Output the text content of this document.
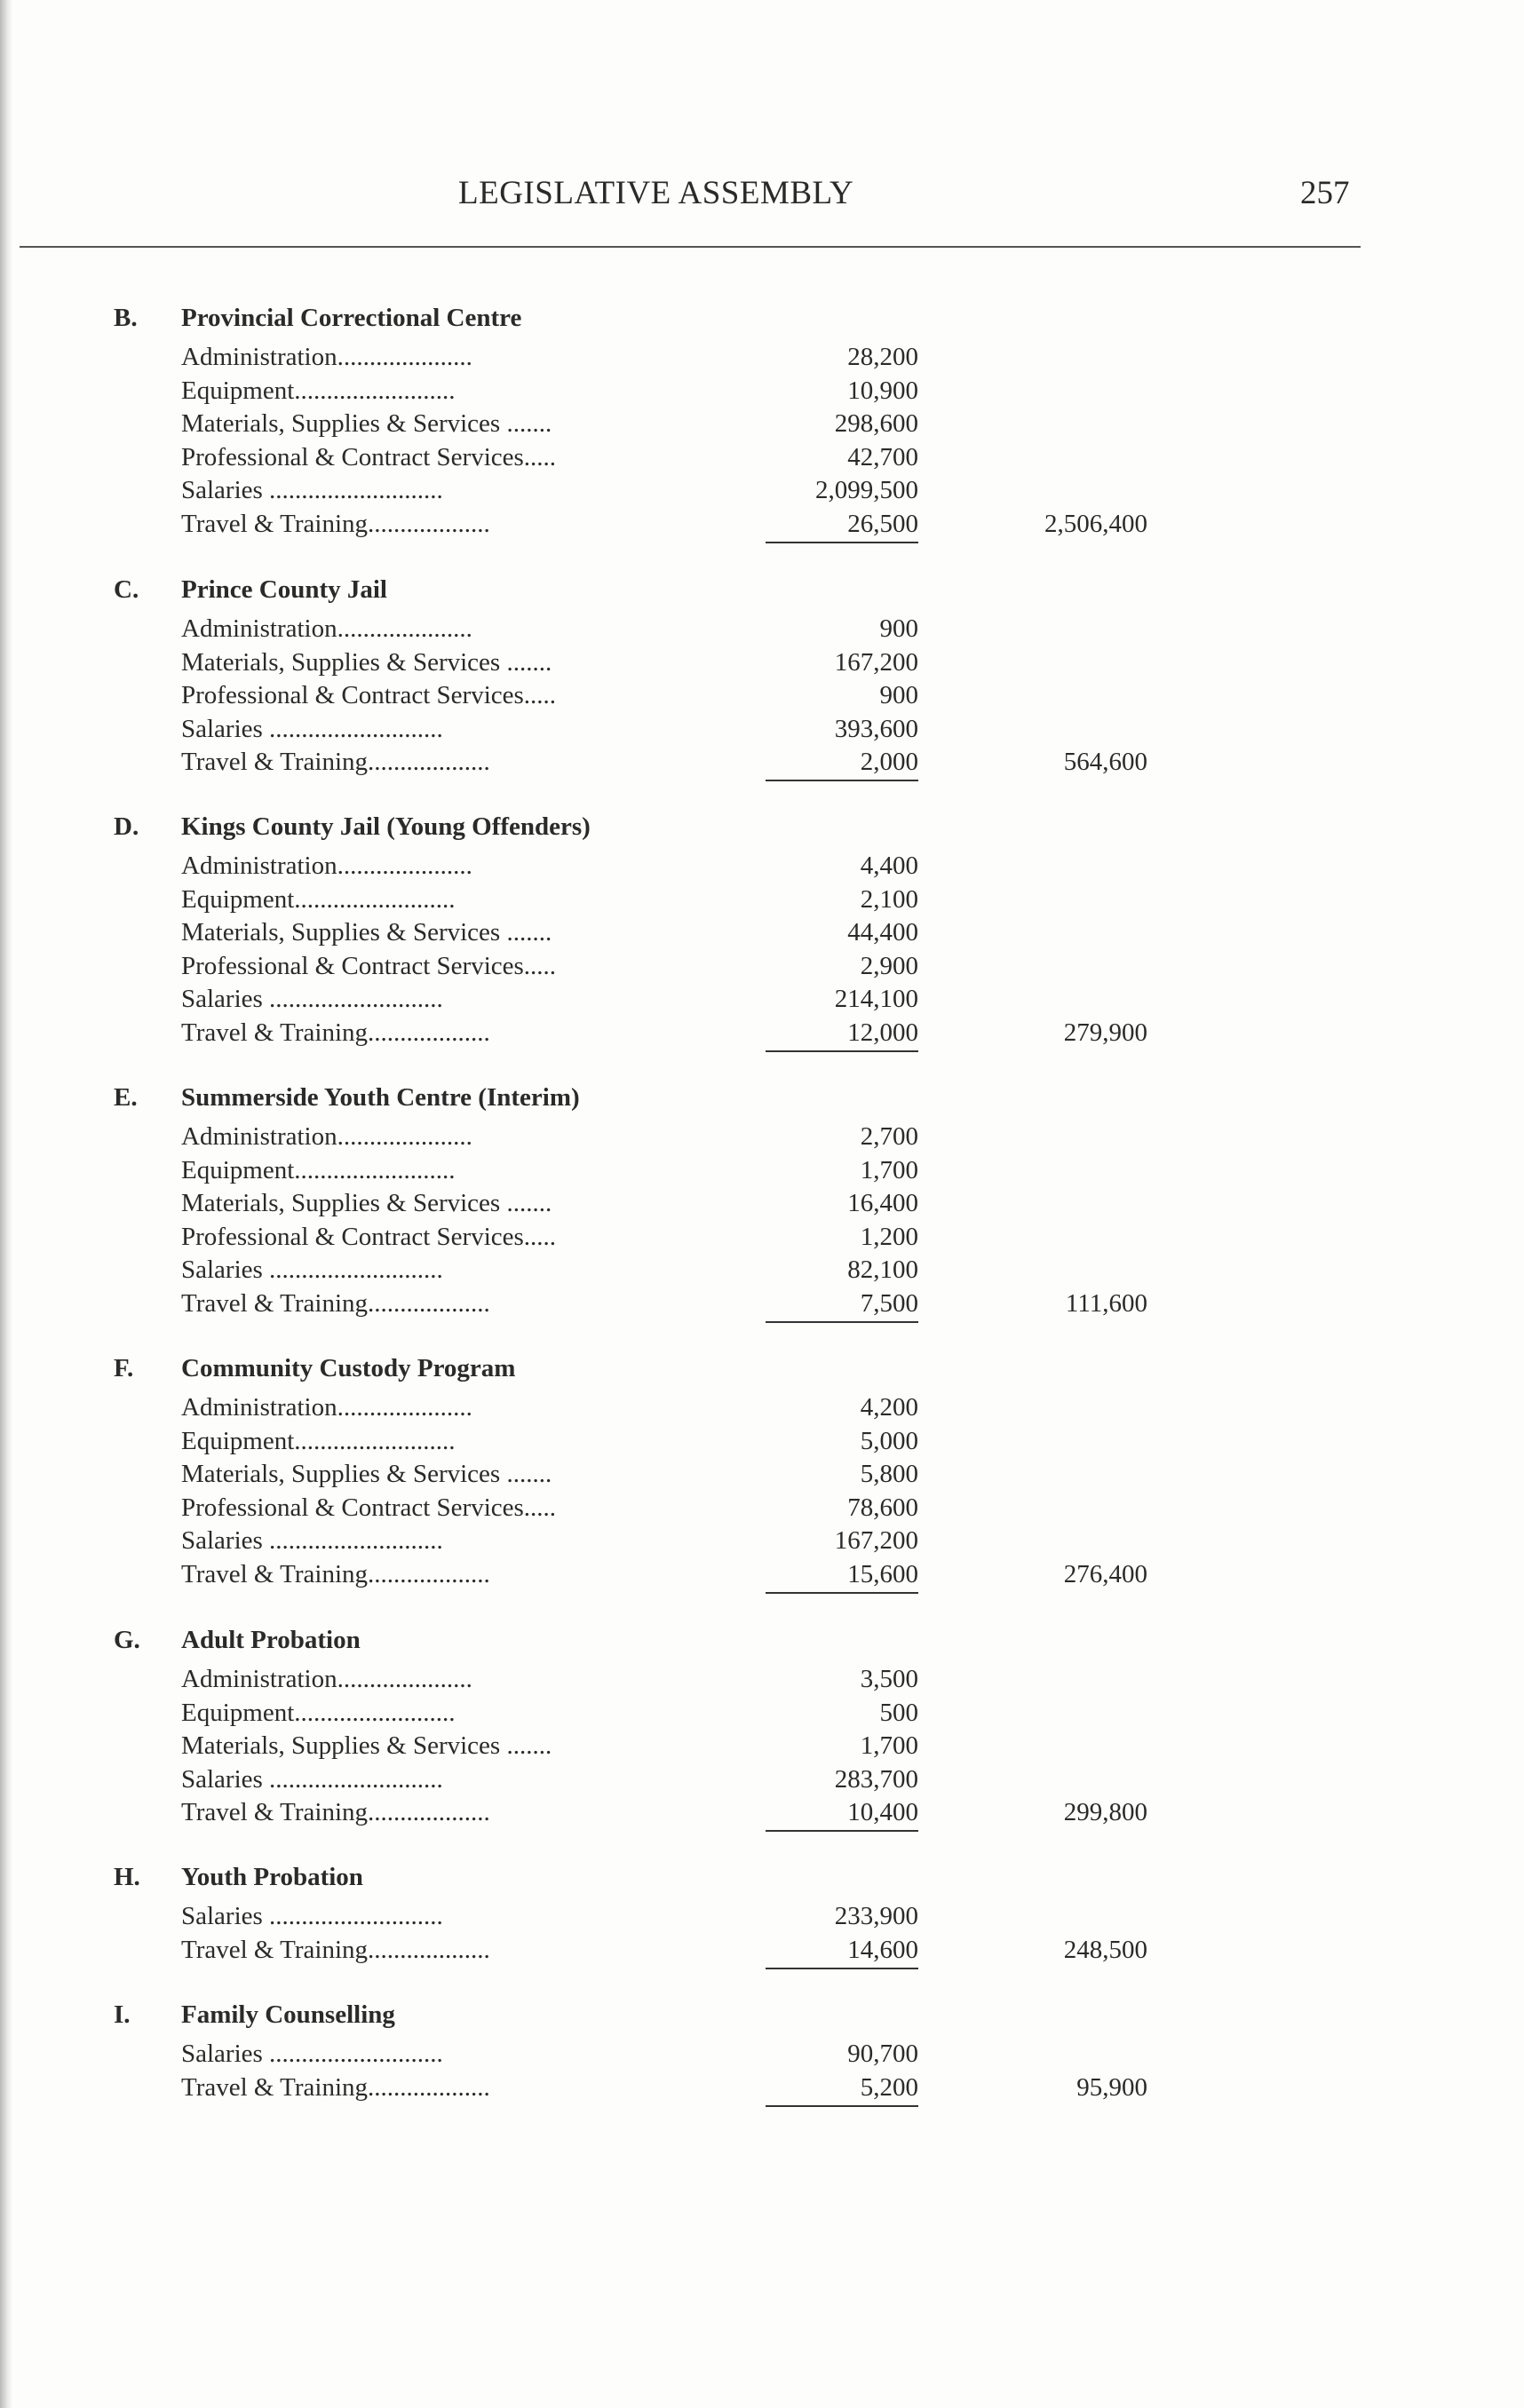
LEGISLATIVE ASSEMBLY	257
B. Provincial Correctional Centre
Administration.....................	28,200
Equipment.........................	10,900
Materials, Supplies & Services .......	298,600
Professional & Contract Services.....	42,700
Salaries ...........................	2,099,500
Travel & Training...................	26,500	2,506,400
C. Prince County Jail
Administration.....................	900
Materials, Supplies & Services .......	167,200
Professional & Contract Services.....	900
Salaries ...........................	393,600
Travel & Training...................	2,000	564,600
D. Kings County Jail (Young Offenders)
Administration.....................	4,400
Equipment.........................	2,100
Materials, Supplies & Services .......	44,400
Professional & Contract Services.....	2,900
Salaries ...........................	214,100
Travel & Training...................	12,000	279,900
E. Summerside Youth Centre (Interim)
Administration.....................	2,700
Equipment.........................	1,700
Materials, Supplies & Services .......	16,400
Professional & Contract Services.....	1,200
Salaries ...........................	82,100
Travel & Training...................	7,500	111,600
F. Community Custody Program
Administration.....................	4,200
Equipment.........................	5,000
Materials, Supplies & Services .......	5,800
Professional & Contract Services.....	78,600
Salaries ...........................	167,200
Travel & Training...................	15,600	276,400
G. Adult Probation
Administration.....................	3,500
Equipment.........................	500
Materials, Supplies & Services .......	1,700
Salaries ...........................	283,700
Travel & Training...................	10,400	299,800
H. Youth Probation
Salaries ...........................	233,900
Travel & Training...................	14,600	248,500
I. Family Counselling
Salaries ...........................	90,700
Travel & Training...................	5,200	95,900
